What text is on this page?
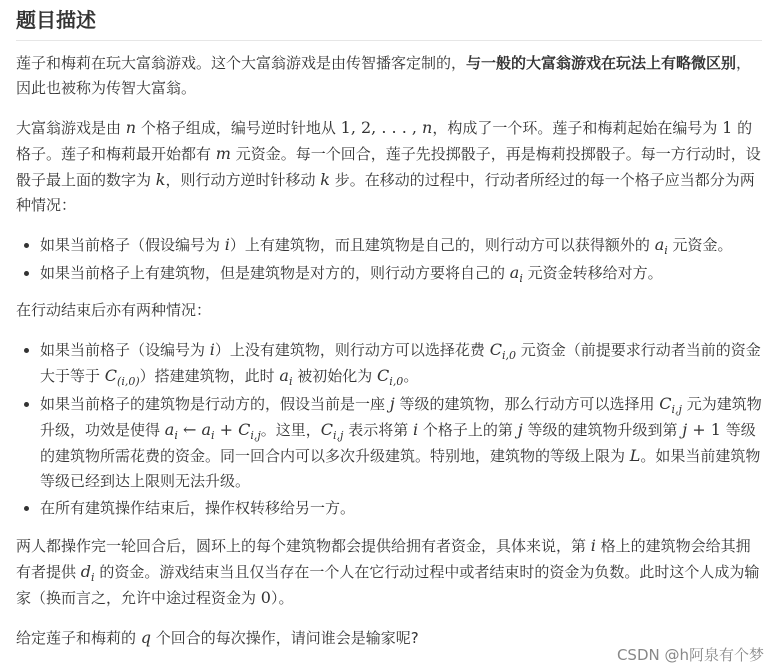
题目描述

莲子和梅莉在玩大富翁游戏。这个大富翁游戏是由传智播客定制的，与一般的大富翁游戏在玩法上有略微区别，因此也被称为传智大富翁。

大富翁游戏是由 n 个格子组成，编号逆时针地从 1, 2, . . . , n，构成了一个环。莲子和梅莉起始在编号为 1 的格子。莲子和梅莉最开始都有 m 元资金。每一个回合，莲子先投掷骰子，再是梅莉投掷骰子。每一方行动时，设骰子最上面的数字为 k，则行动方逆时针移动 k 步。在移动的过程中，行动者所经过的每一个格子应当都分为两种情况：

• 如果当前格子（假设编号为 i）上有建筑物，而且建筑物是自己的，则行动方可以获得额外的 $a_i$ 元资金。
• 如果当前格子上有建筑物，但是建筑物是对方的，则行动方要将自己的 $a_i$ 元资金转移给对方。

在行动结束后亦有两种情况：

• 如果当前格子（设编号为 i）上没有建筑物，则行动方可以选择花费 $C_{i,0}$ 元资金（前提要求行动者当前的资金大于等于 $C_{(i,0)}$）搭建建筑物，此时 $a_i$ 被初始化为 $C_{i,0}$。
• 如果当前格子的建筑物是行动方的，假设当前是一座 j 等级的建筑物，那么行动方可以选择用 $C_{i,j}$ 元为建筑物升级，功效是使得 $a_i$ ← $a_i + C_{i,j}$。这里，$C_{i,j}$ 表示将第 i 个格子上的第 j 等级的建筑物升级到第 j + 1 等级的建筑物所需花费的资金。同一回合内可以多次升级建筑。特别地，建筑物的等级上限为 L。如果当前建筑物等级已经到达上限则无法升级。
• 在所有建筑操作结束后，操作权转移给另一方。

两人都操作完一轮回合后，圆环上的每个建筑物都会提供给拥有者资金，具体来说，第 i 格上的建筑物会给其拥有者提供 $d_i$ 的资金。游戏结束当且仅当存在一个人在它行动过程中或者结束时的资金为负数。此时这个人成为输家（换而言之，允许中途过程资金为 0）。

给定莲子和梅莉的 q 个回合的每次操作，请问谁会是输家呢?

CSDN @h阿泉有个梦
